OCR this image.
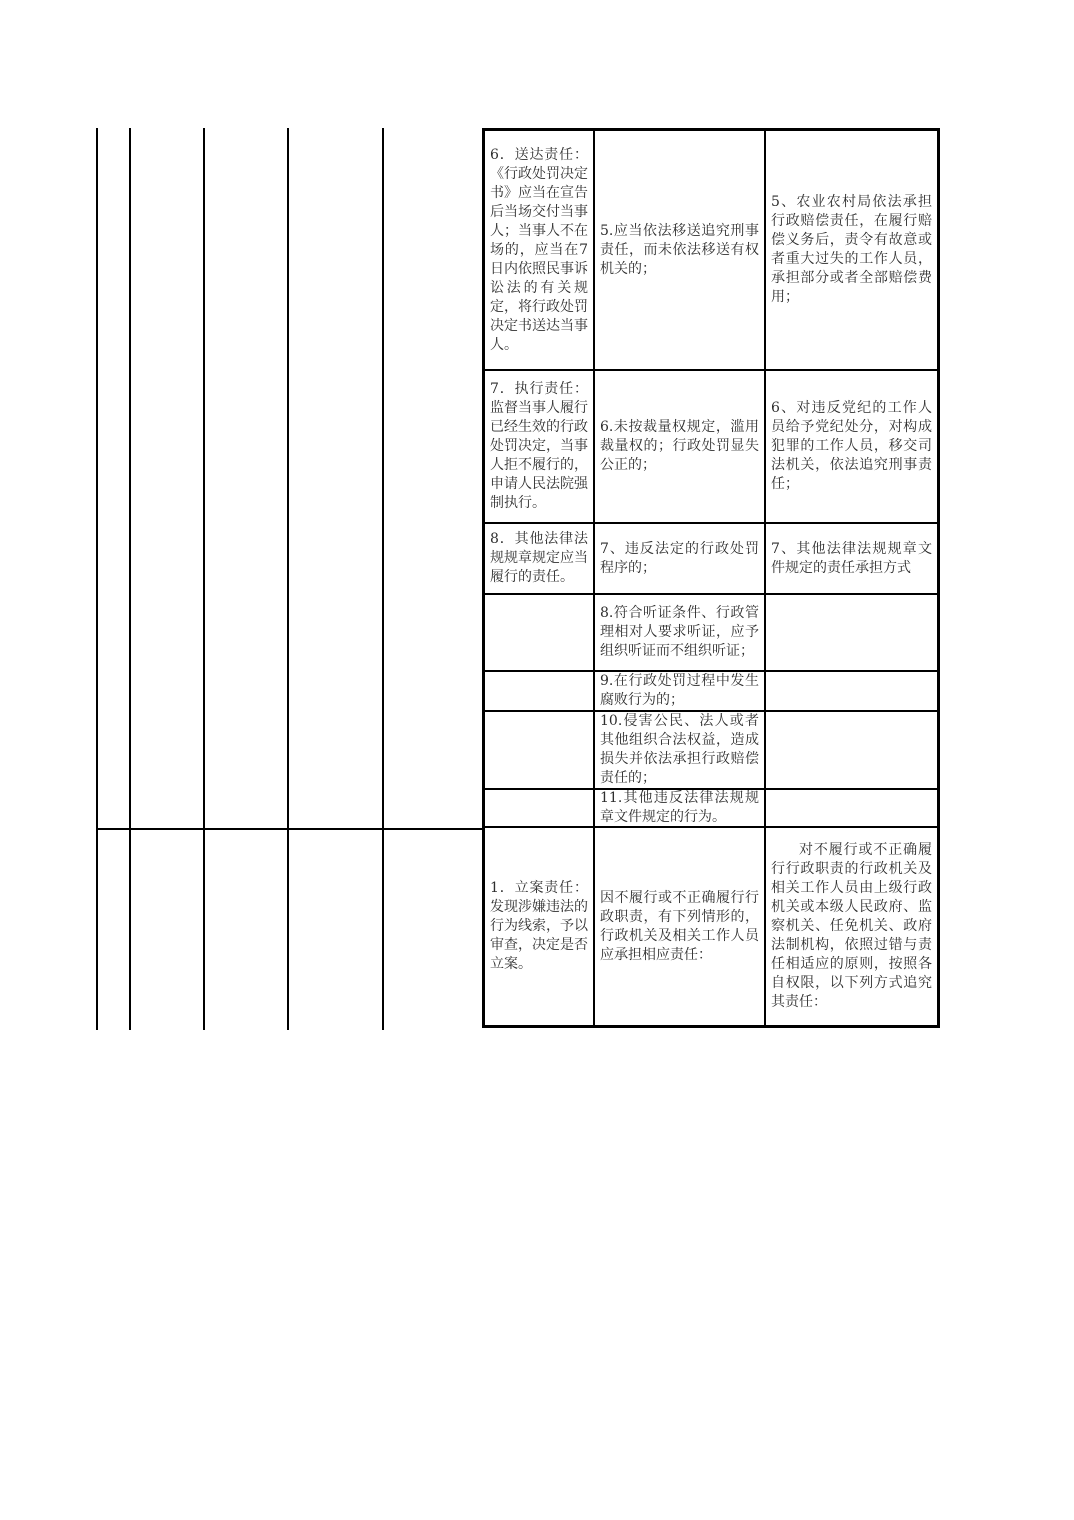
6．送达责任：《行政处罚决定书》应当在宣告后当场交付当事人；当事人不在场的，应当在7日内依照民事诉讼法的有关规定，将行政处罚决定书送达当事人。

5.应当依法移送追究刑事责任，而未依法移送有权机关的；

5、农业农村局依法承担行政赔偿责任，在履行赔偿义务后，责令有故意或者重大过失的工作人员，承担部分或者全部赔偿费用；

7．执行责任：监督当事人履行已经生效的行政处罚决定，当事人拒不履行的，申请人民法院强制执行。

6.未按裁量权规定，滥用裁量权的；行政处罚显失公正的；

6、对违反党纪的工作人员给予党纪处分，对构成犯罪的工作人员，移交司法机关，依法追究刑事责任；

8．其他法律法规规章规定应当履行的责任。

7、违反法定的行政处罚程序的；

7、其他法律法规规章文件规定的责任承担方式

8.符合听证条件、行政管理相对人要求听证，应予组织听证而不组织听证；

9.在行政处罚过程中发生腐败行为的；

10.侵害公民、法人或者其他组织合法权益，造成损失并依法承担行政赔偿责任的；

11.其他违反法律法规规章文件规定的行为。

1．立案责任：发现涉嫌违法的行为线索，予以审查，决定是否立案。

因不履行或不正确履行行政职责，有下列情形的，行政机关及相关工作人员应承担相应责任：

对不履行或不正确履行行政职责的行政机关及相关工作人员由上级行政机关或本级人民政府、监察机关、任免机关、政府法制机构，依照过错与责任相适应的原则，按照各自权限，以下列方式追究其责任：
